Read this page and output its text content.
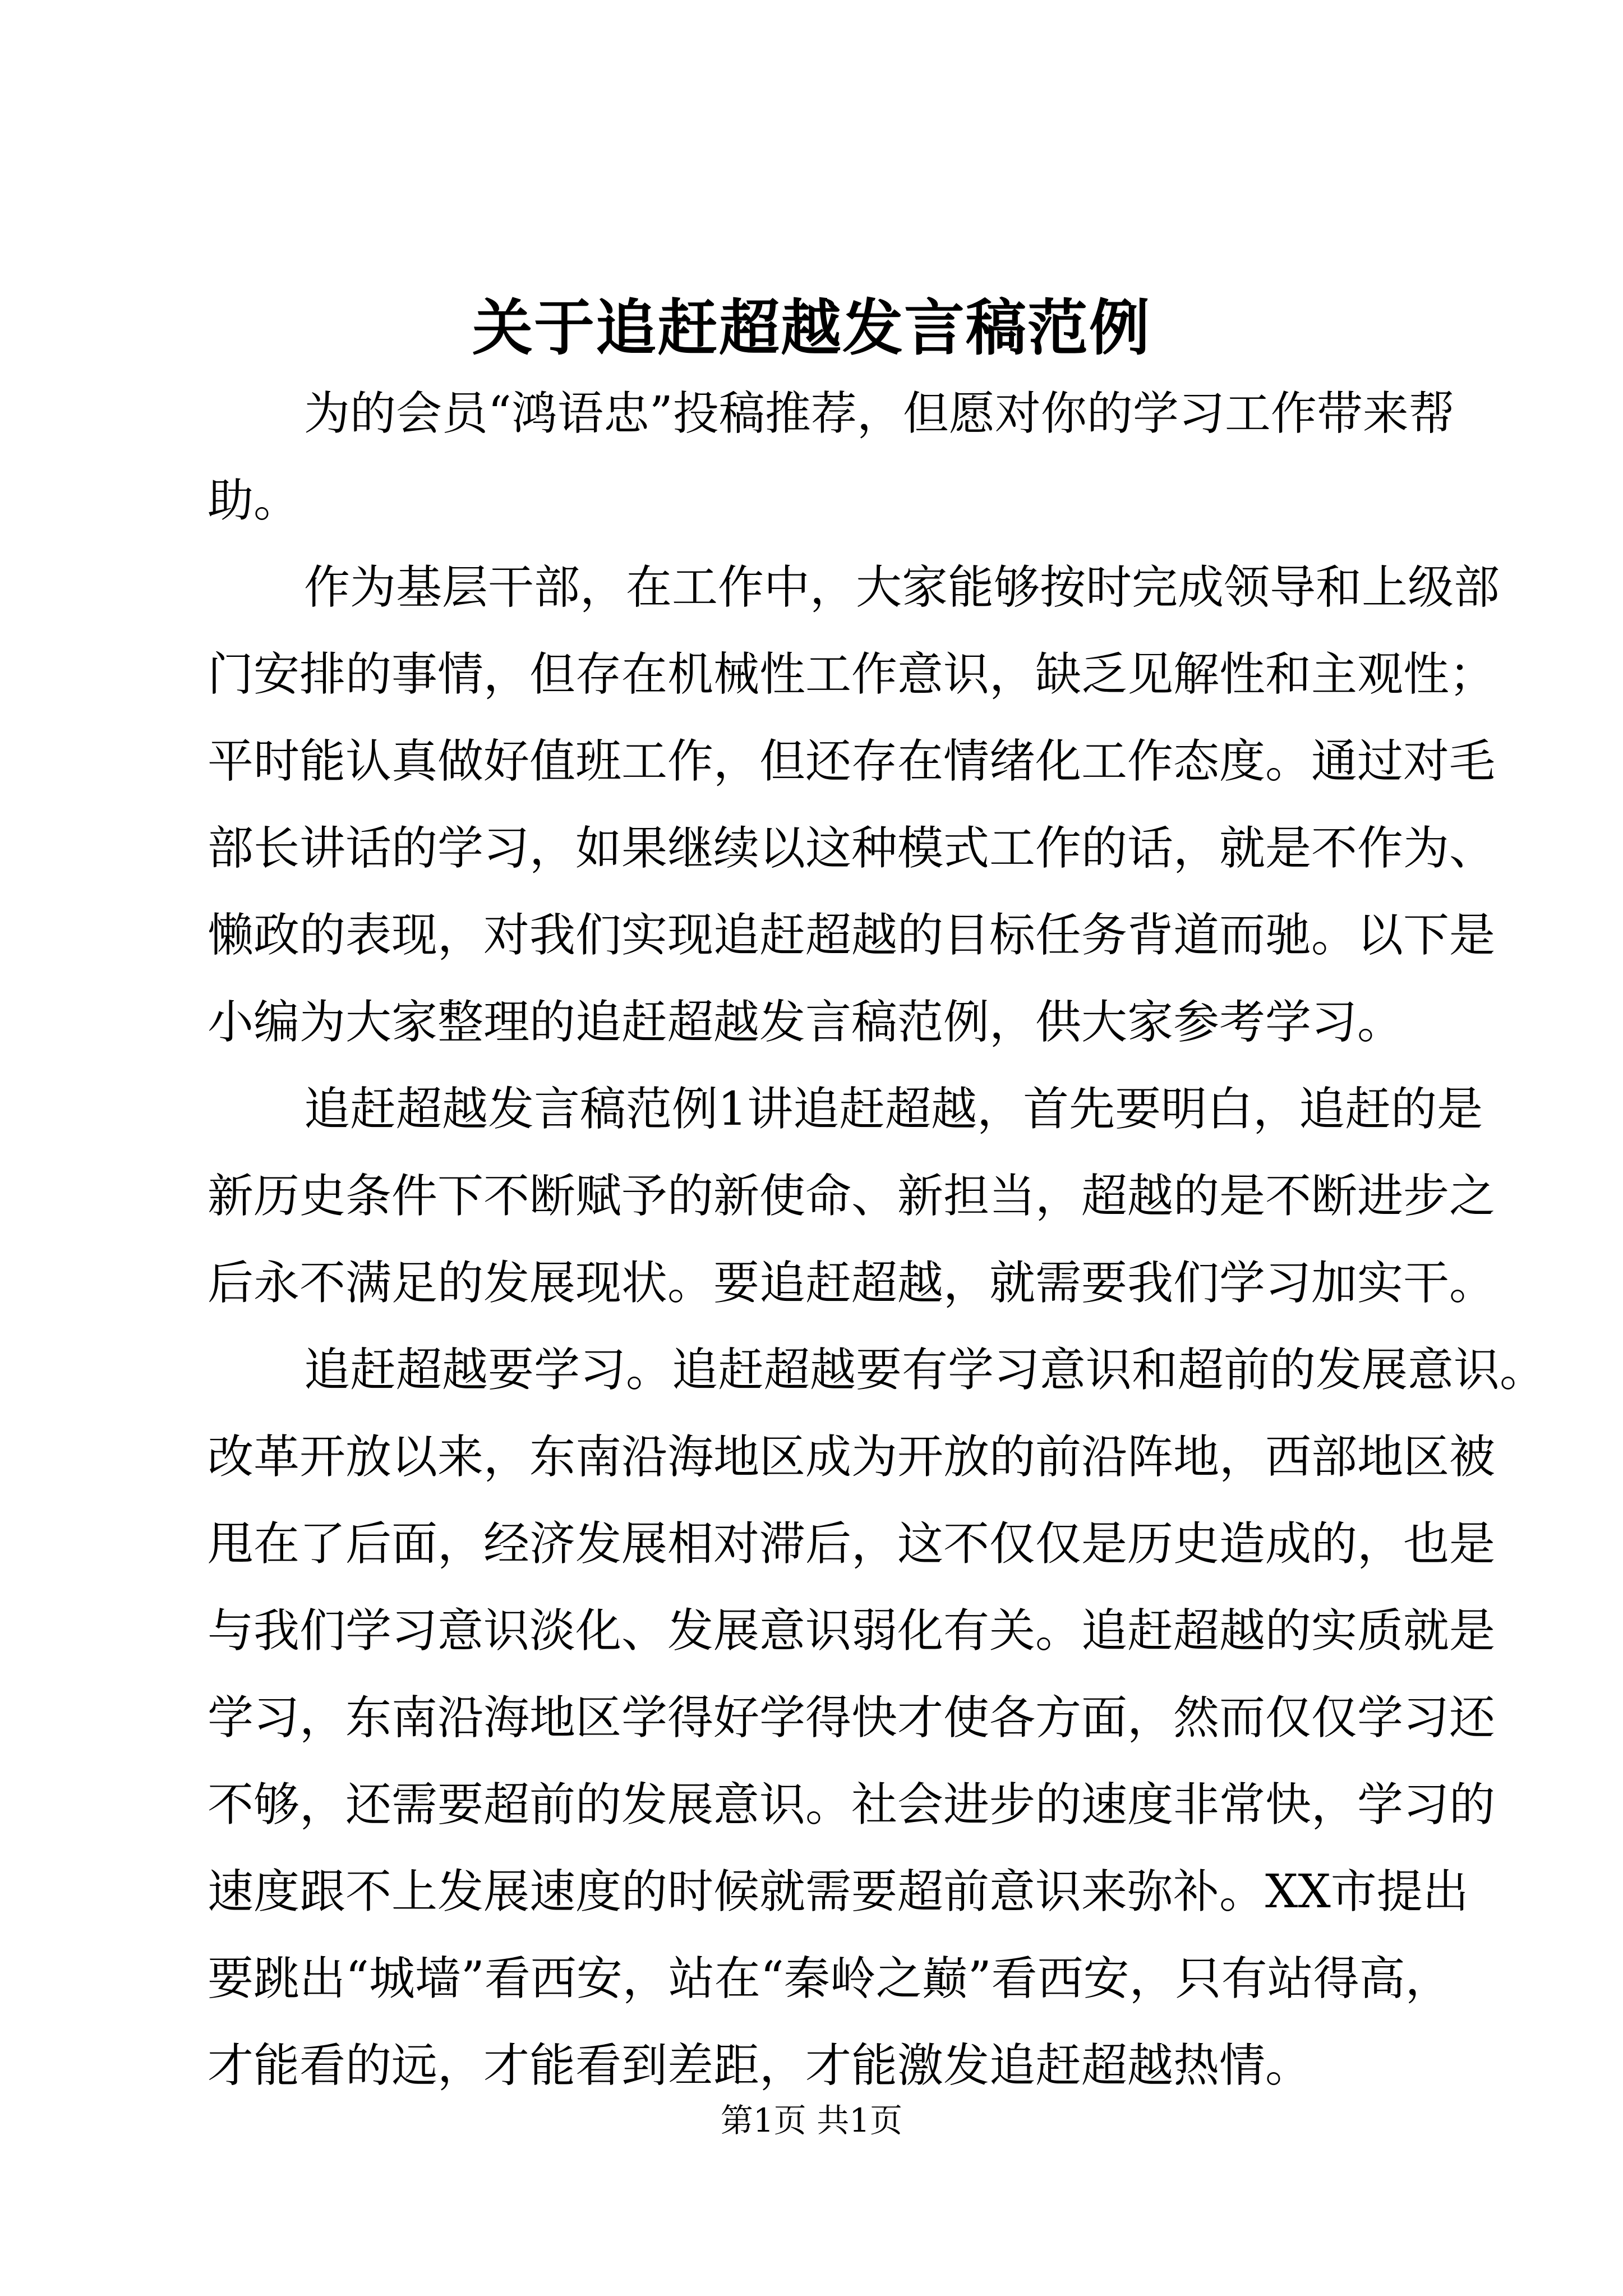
关于追赶超越发言稿范例
为的会员“鸿语忠”投稿推荐，但愿对你的学习工作带来帮
助。
作为基层干部，在工作中，大家能够按时完成领导和上级部
门安排的事情，但存在机械性工作意识，缺乏见解性和主观性；
平时能认真做好值班工作，但还存在情绪化工作态度。通过对毛
部长讲话的学习，如果继续以这种模式工作的话，就是不作为、
懒政的表现，对我们实现追赶超越的目标任务背道而驰。以下是
小编为大家整理的追赶超越发言稿范例，供大家参考学习。
追赶超越发言稿范例1讲追赶超越，首先要明白，追赶的是
新历史条件下不断赋予的新使命、新担当，超越的是不断进步之
后永不满足的发展现状。要追赶超越，就需要我们学习加实干。
追赶超越要学习。追赶超越要有学习意识和超前的发展意识。
改革开放以来，东南沿海地区成为开放的前沿阵地，西部地区被
甩在了后面，经济发展相对滞后，这不仅仅是历史造成的，也是
与我们学习意识淡化、发展意识弱化有关。追赶超越的实质就是
学习，东南沿海地区学得好学得快才使各方面，然而仅仅学习还
不够，还需要超前的发展意识。社会进步的速度非常快，学习的
速度跟不上发展速度的时候就需要超前意识来弥补。XX市提出
要跳出“城墙”看西安，站在“秦岭之巅”看西安，只有站得高，
才能看的远，才能看到差距，才能激发追赶超越热情。
第1页 共1页
